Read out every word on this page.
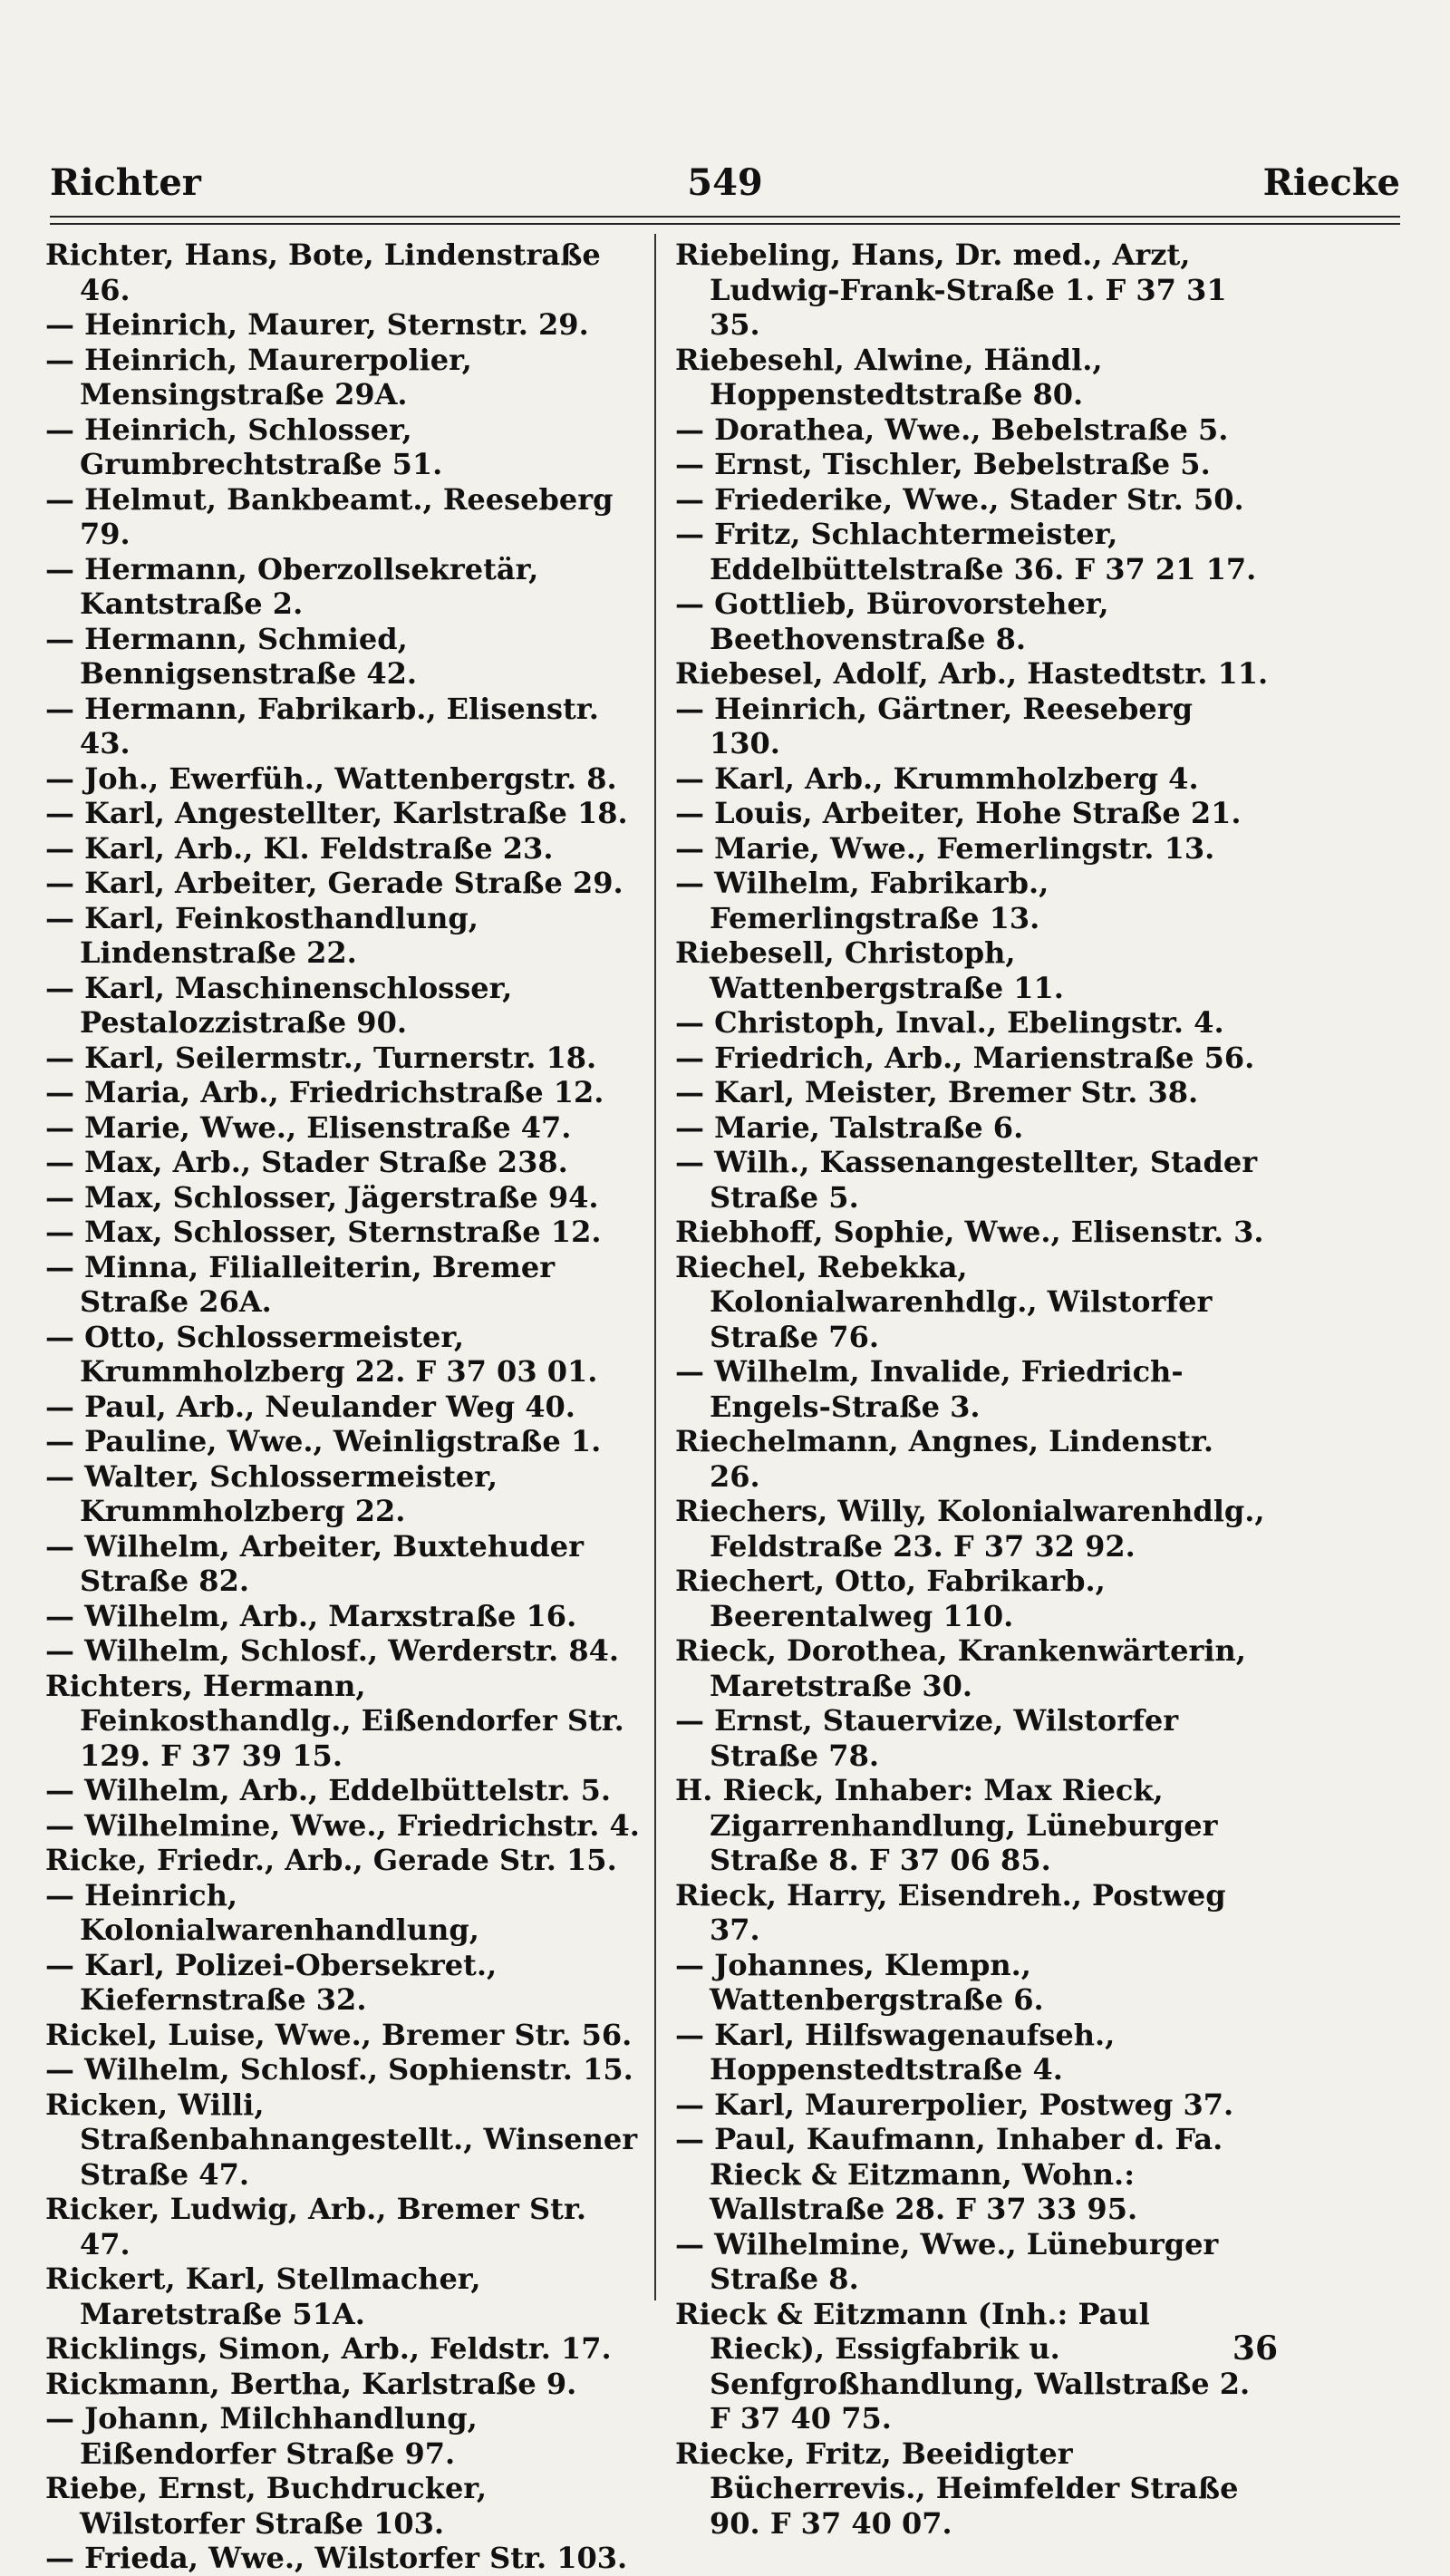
Richter	549	Riecke

Richter, Hans, Bote, Lindenstraße 46.

— Heinrich, Maurer, Sternstr. 29.

— Heinrich, Maurerpolier, Mensingstraße 29A.

— Heinrich, Schlosser, Grumbrechtstraße 51.

— Helmut, Bankbeamt., Reeseberg 79.

— Hermann, Oberzollsekretär, Kantstraße 2.

— Hermann, Schmied, Bennigsenstraße 42.

— Hermann, Fabrikarb., Elisenstr. 43.

— Joh., Ewerfüh., Wattenbergstr. 8.

— Karl, Angestellter, Karlstraße 18.

— Karl, Arb., Kl. Feldstraße 23.

— Karl, Arbeiter, Gerade Straße 29.

— Karl, Feinkosthandlung, Lindenstraße 22.

— Karl, Maschinenschlosser, Pestalozzistraße 90.

— Karl, Seilermstr., Turnerstr. 18.

— Maria, Arb., Friedrichstraße 12.

— Marie, Wwe., Elisenstraße 47.

— Max, Arb., Stader Straße 238.

— Max, Schlosser, Jägerstraße 94.

— Max, Schlosser, Sternstraße 12.

— Minna, Filialleiterin, Bremer Straße 26A.

— Otto, Schlossermeister, Krummholzberg 22. F 37 03 01.

— Paul, Arb., Neulander Weg 40.

— Pauline, Wwe., Weinligstraße 1.

— Walter, Schlossermeister, Krummholzberg 22.

— Wilhelm, Arbeiter, Buxtehuder Straße 82.

— Wilhelm, Arb., Marxstraße 16.

— Wilhelm, Schlosf., Werderstr. 84.

Richters, Hermann, Feinkosthandlg., Eißendorfer Str. 129. F 37 39 15.

— Wilhelm, Arb., Eddelbüttelstr. 5.

— Wilhelmine, Wwe., Friedrichstr. 4.

Ricke, Friedr., Arb., Gerade Str. 15.

— Heinrich, Kolonialwarenhandlung,

— Karl, Polizei-Obersekret., Kiefernstraße 32.

Rickel, Luise, Wwe., Bremer Str. 56.

— Wilhelm, Schlosf., Sophienstr. 15.

Ricken, Willi, Straßenbahnangestellt., Winsener Straße 47.

Ricker, Ludwig, Arb., Bremer Str. 47.

Rickert, Karl, Stellmacher, Maretstraße 51A.

Ricklings, Simon, Arb., Feldstr. 17.

Rickmann, Bertha, Karlstraße 9.

— Johann, Milchhandlung, Eißendorfer Straße 97.

Riebe, Ernst, Buchdrucker, Wilstorfer Straße 103.

— Frieda, Wwe., Wilstorfer Str. 103.

Riebeling, Hans, Dr. med., Arzt, Ludwig-Frank-Straße 1. F 37 31 35.

Riebesehl, Alwine, Händl., Hoppenstedtstraße 80.

— Dorathea, Wwe., Bebelstraße 5.

— Ernst, Tischler, Bebelstraße 5.

— Friederike, Wwe., Stader Str. 50.

— Fritz, Schlachtermeister, Eddelbüttelstraße 36. F 37 21 17.

— Gottlieb, Bürovorsteher, Beethovenstraße 8.

Riebesel, Adolf, Arb., Hastedtstr. 11.

— Heinrich, Gärtner, Reeseberg 130.

— Karl, Arb., Krummholzberg 4.

— Louis, Arbeiter, Hohe Straße 21.

— Marie, Wwe., Femerlingstr. 13.

— Wilhelm, Fabrikarb., Femerlingstraße 13.

Riebesell, Christoph, Wattenbergstraße 11.

— Christoph, Inval., Ebelingstr. 4.

— Friedrich, Arb., Marienstraße 56.

— Karl, Meister, Bremer Str. 38.

— Marie, Talstraße 6.

— Wilh., Kassenangestellter, Stader Straße 5.

Riebhoff, Sophie, Wwe., Elisenstr. 3.

Riechel, Rebekka, Kolonialwarenhdlg., Wilstorfer Straße 76.

— Wilhelm, Invalide, Friedrich-Engels-Straße 3.

Riechelmann, Angnes, Lindenstr. 26.

Riechers, Willy, Kolonialwarenhdlg., Feldstraße 23. F 37 32 92.

Riechert, Otto, Fabrikarb., Beerentalweg 110.

Rieck, Dorothea, Krankenwärterin, Maretstraße 30.

— Ernst, Stauervize, Wilstorfer Straße 78.

H. Rieck, Inhaber: Max Rieck, Zigarrenhandlung, Lüneburger Straße 8. F 37 06 85.

Rieck, Harry, Eisendreh., Postweg 37.

— Johannes, Klempn., Wattenbergstraße 6.

— Karl, Hilfswagenaufseh., Hoppenstedtstraße 4.

— Karl, Maurerpolier, Postweg 37.

— Paul, Kaufmann, Inhaber d. Fa. Rieck & Eitzmann, Wohn.: Wallstraße 28. F 37 33 95.

— Wilhelmine, Wwe., Lüneburger Straße 8.

Rieck & Eitzmann (Inh.: Paul Rieck), Essigfabrik u. Senfgroßhandlung, Wallstraße 2. F 37 40 75.

Riecke, Fritz, Beeidigter Bücherrevis., Heimfelder Straße 90. F 37 40 07.

36
